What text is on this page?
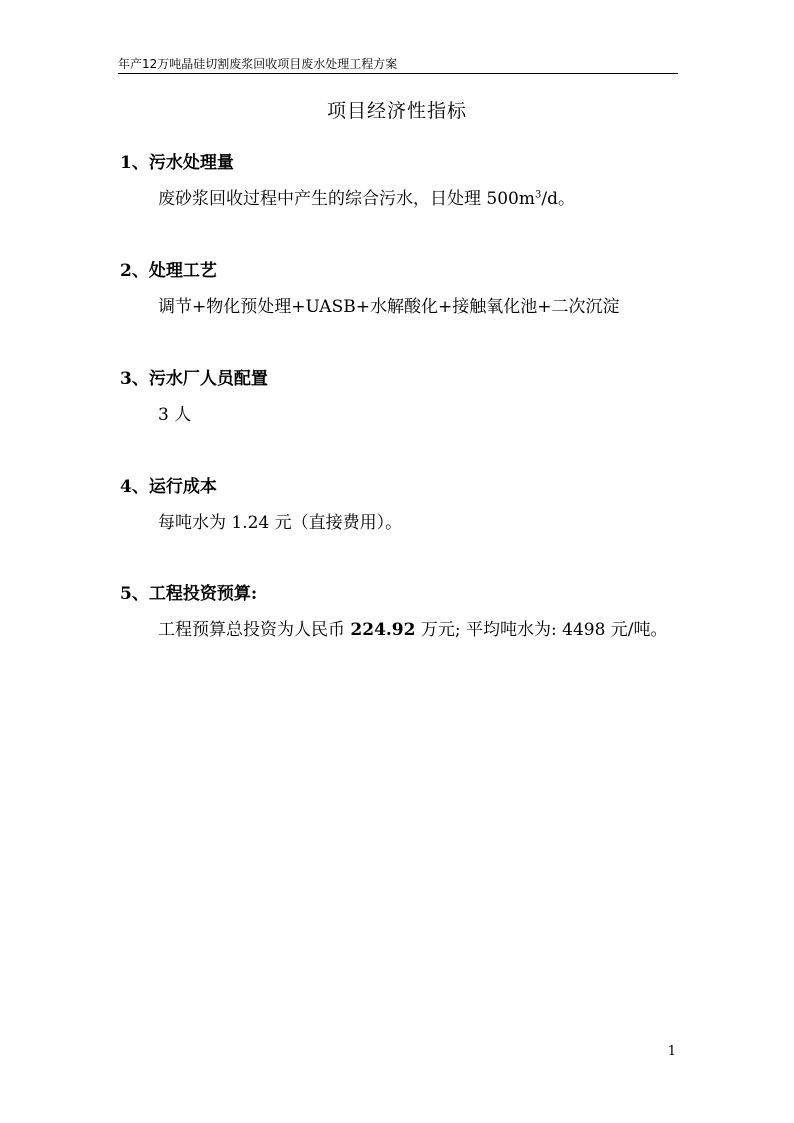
年产12万吨晶硅切割废浆回收项目废水处理工程方案
项目经济性指标
1、 污水处理量
废砂浆回收过程中产生的综合污水，日处理 $500m^3/d$。
2、 处理工艺
调节+物化预处理+UASB+水解酸化+接触氧化池+二次沉淀
3、 污水厂人员配置
3 人
4、 运行成本
每吨水为 1.24 元（直接费用）。
5、 工程投资预算:
工程预算总投资为人民币 224.92 万元; 平均吨水为: 4498 元/吨。
1
